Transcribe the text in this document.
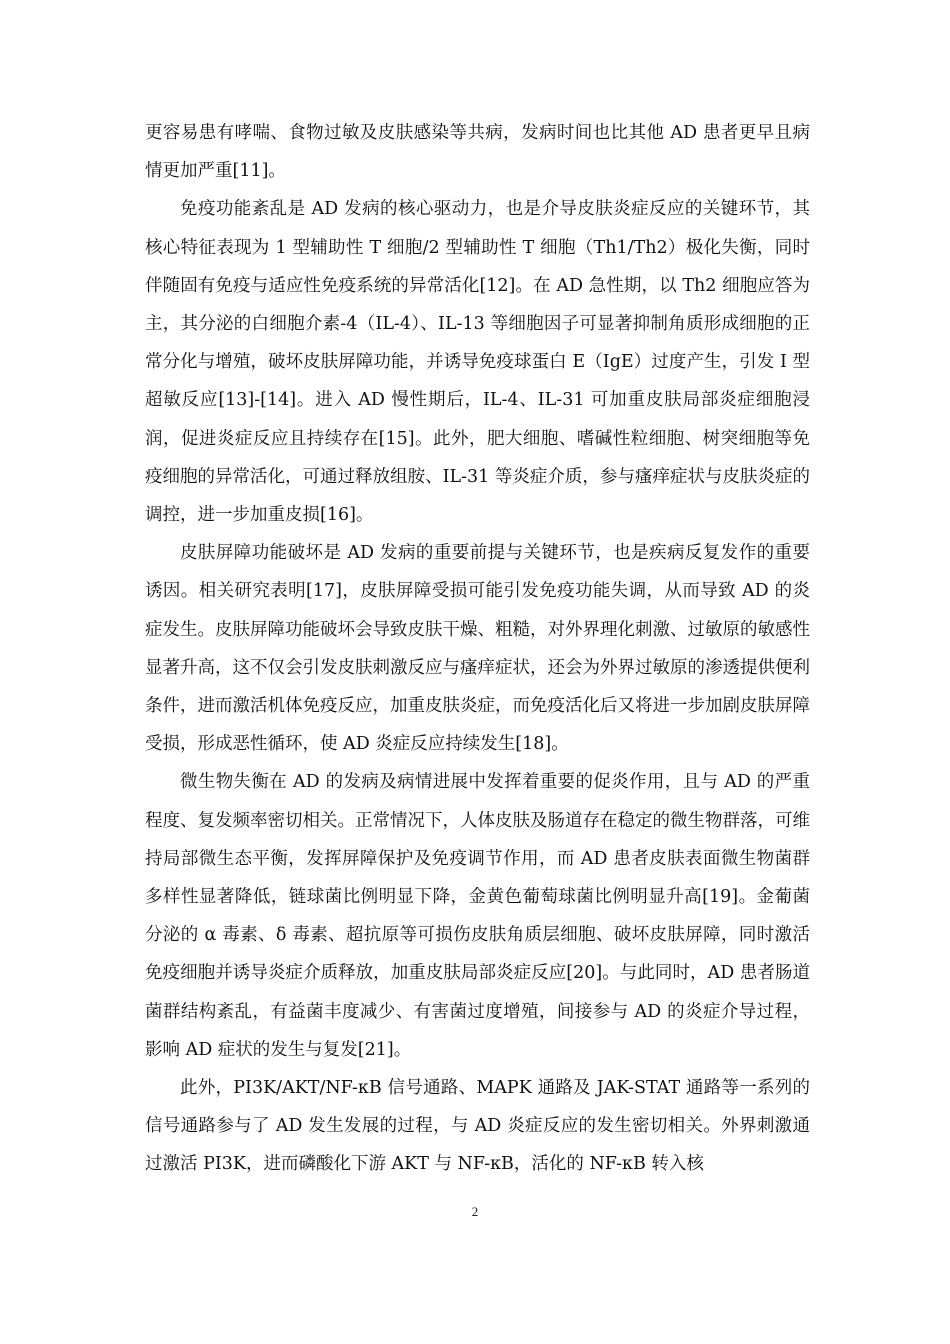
更容易患有哮喘、食物过敏及皮肤感染等共病，发病时间也比其他 AD 患者更早且病情更加严重[11]。

免疫功能紊乱是 AD 发病的核心驱动力，也是介导皮肤炎症反应的关键环节，其核心特征表现为 1 型辅助性 T 细胞/2 型辅助性 T 细胞（Th1/Th2）极化失衡，同时伴随固有免疫与适应性免疫系统的异常活化[12]。在 AD 急性期，以 Th2 细胞应答为主，其分泌的白细胞介素-4（IL-4）、IL-13 等细胞因子可显著抑制角质形成细胞的正常分化与增殖，破坏皮肤屏障功能，并诱导免疫球蛋白 E（IgE）过度产生，引发 I 型超敏反应[13]-[14]。进入 AD 慢性期后，IL-4、IL-31 可加重皮肤局部炎症细胞浸润，促进炎症反应且持续存在[15]。此外，肥大细胞、嗜碱性粒细胞、树突细胞等免疫细胞的异常活化，可通过释放组胺、IL-31 等炎症介质，参与瘙痒症状与皮肤炎症的调控，进一步加重皮损[16]。

皮肤屏障功能破坏是 AD 发病的重要前提与关键环节，也是疾病反复发作的重要诱因。相关研究表明[17]，皮肤屏障受损可能引发免疫功能失调，从而导致 AD 的炎症发生。皮肤屏障功能破坏会导致皮肤干燥、粗糙，对外界理化刺激、过敏原的敏感性显著升高，这不仅会引发皮肤刺激反应与瘙痒症状，还会为外界过敏原的渗透提供便利条件，进而激活机体免疫反应，加重皮肤炎症，而免疫活化后又将进一步加剧皮肤屏障受损，形成恶性循环，使 AD 炎症反应持续发生[18]。

微生物失衡在 AD 的发病及病情进展中发挥着重要的促炎作用，且与 AD 的严重程度、复发频率密切相关。正常情况下，人体皮肤及肠道存在稳定的微生物群落，可维持局部微生态平衡，发挥屏障保护及免疫调节作用，而 AD 患者皮肤表面微生物菌群多样性显著降低，链球菌比例明显下降，金黄色葡萄球菌比例明显升高[19]。金葡菌分泌的 α 毒素、δ 毒素、超抗原等可损伤皮肤角质层细胞、破坏皮肤屏障，同时激活免疫细胞并诱导炎症介质释放，加重皮肤局部炎症反应[20]。与此同时，AD 患者肠道菌群结构紊乱，有益菌丰度减少、有害菌过度增殖，间接参与 AD 的炎症介导过程，影响 AD 症状的发生与复发[21]。

此外，PI3K/AKT/NF-κB 信号通路、MAPK 通路及 JAK-STAT 通路等一系列的信号通路参与了 AD 发生发展的过程，与 AD 炎症反应的发生密切相关。外界刺激通过激活 PI3K，进而磷酸化下游 AKT 与 NF-κB，活化的 NF-κB 转入核

2
